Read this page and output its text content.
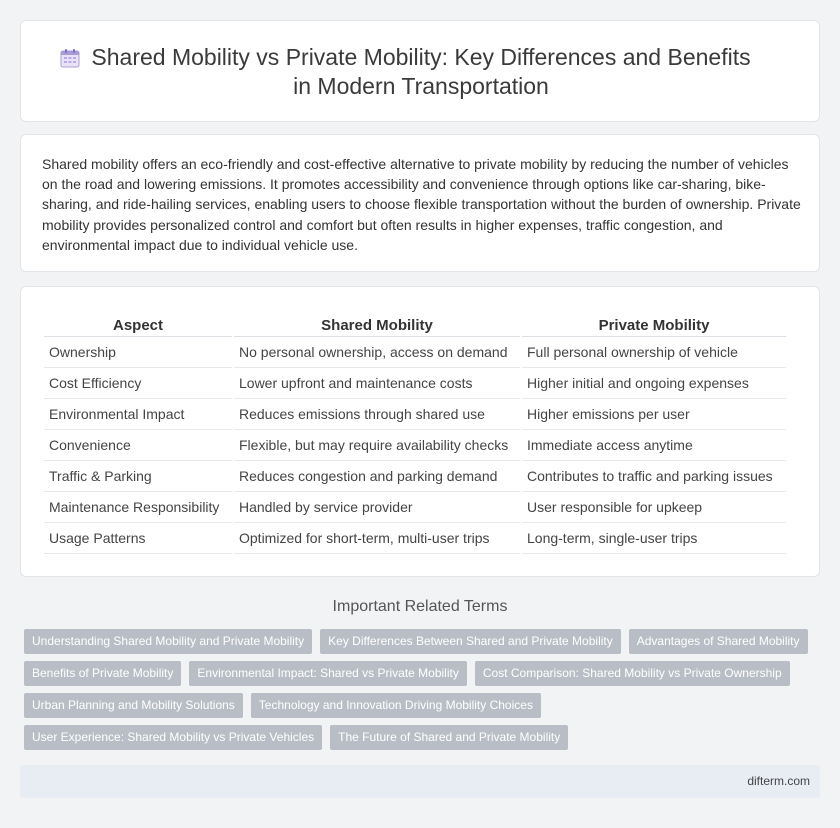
Shared Mobility vs Private Mobility: Key Differences and Benefits
in Modern Transportation

Shared mobility offers an eco-friendly and cost-effective alternative to private mobility by reducing the number of vehicles on the road and lowering emissions. It promotes accessibility and convenience through options like car-sharing, bike-sharing, and ride-hailing services, enabling users to choose flexible transportation without the burden of ownership. Private mobility provides personalized control and comfort but often results in higher expenses, traffic congestion, and environmental impact due to individual vehicle use.

Aspect	Shared Mobility	Private Mobility
Ownership	No personal ownership, access on demand	Full personal ownership of vehicle
Cost Efficiency	Lower upfront and maintenance costs	Higher initial and ongoing expenses
Environmental Impact	Reduces emissions through shared use	Higher emissions per user
Convenience	Flexible, but may require availability checks	Immediate access anytime
Traffic & Parking	Reduces congestion and parking demand	Contributes to traffic and parking issues
Maintenance Responsibility	Handled by service provider	User responsible for upkeep
Usage Patterns	Optimized for short-term, multi-user trips	Long-term, single-user trips
Important Related Terms
Understanding Shared Mobility and Private Mobility	Key Differences Between Shared and Private Mobility	Advantages of Shared Mobility
Benefits of Private Mobility	Environmental Impact: Shared vs Private Mobility	Cost Comparison: Shared Mobility vs Private Ownership
Urban Planning and Mobility Solutions	Technology and Innovation Driving Mobility Choices
User Experience: Shared Mobility vs Private Vehicles	The Future of Shared and Private Mobility
difterm.com
